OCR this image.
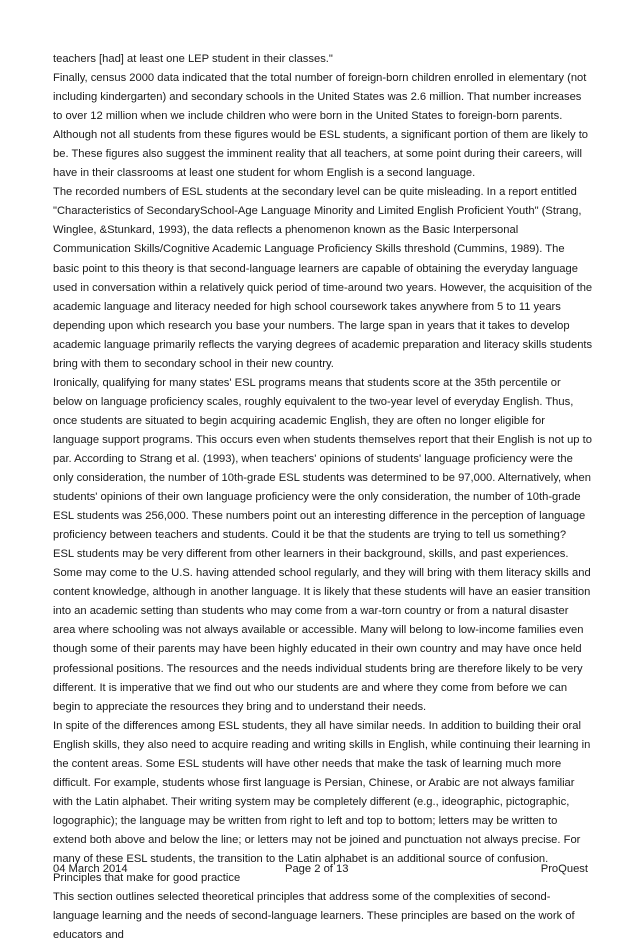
teachers [had] at least one LEP student in their classes."

Finally, census 2000 data indicated that the total number of foreign-born children enrolled in elementary (not including kindergarten) and secondary schools in the United States was 2.6 million. That number increases to over 12 million when we include children who were born in the United States to foreign-born parents. Although not all students from these figures would be ESL students, a significant portion of them are likely to be. These figures also suggest the imminent reality that all teachers, at some point during their careers, will have in their classrooms at least one student for whom English is a second language.

The recorded numbers of ESL students at the secondary level can be quite misleading. In a report entitled "Characteristics of SecondarySchool-Age Language Minority and Limited English Proficient Youth" (Strang, Winglee, &Stunkard, 1993), the data reflects a phenomenon known as the Basic Interpersonal Communication Skills/Cognitive Academic Language Proficiency Skills threshold (Cummins, 1989). The basic point to this theory is that second-language learners are capable of obtaining the everyday language used in conversation within a relatively quick period of time-around two years. However, the acquisition of the academic language and literacy needed for high school coursework takes anywhere from 5 to 11 years depending upon which research you base your numbers. The large span in years that it takes to develop academic language primarily reflects the varying degrees of academic preparation and literacy skills students bring with them to secondary school in their new country.

Ironically, qualifying for many states' ESL programs means that students score at the 35th percentile or below on language proficiency scales, roughly equivalent to the two-year level of everyday English. Thus, once students are situated to begin acquiring academic English, they are often no longer eligible for language support programs. This occurs even when students themselves report that their English is not up to par. According to Strang et al. (1993), when teachers' opinions of students' language proficiency were the only consideration, the number of 10th-grade ESL students was determined to be 97,000. Alternatively, when students' opinions of their own language proficiency were the only consideration, the number of 10th-grade ESL students was 256,000. These numbers point out an interesting difference in the perception of language proficiency between teachers and students. Could it be that the students are trying to tell us something?

ESL students may be very different from other learners in their background, skills, and past experiences. Some may come to the U.S. having attended school regularly, and they will bring with them literacy skills and content knowledge, although in another language. It is likely that these students will have an easier transition into an academic setting than students who may come from a war-torn country or from a natural disaster area where schooling was not always available or accessible. Many will belong to low-income families even though some of their parents may have been highly educated in their own country and may have once held professional positions. The resources and the needs individual students bring are therefore likely to be very different. It is imperative that we find out who our students are and where they come from before we can begin to appreciate the resources they bring and to understand their needs.

In spite of the differences among ESL students, they all have similar needs. In addition to building their oral English skills, they also need to acquire reading and writing skills in English, while continuing their learning in the content areas. Some ESL students will have other needs that make the task of learning much more difficult. For example, students whose first language is Persian, Chinese, or Arabic are not always familiar with the Latin alphabet. Their writing system may be completely different (e.g., ideographic, pictographic, logographic); the language may be written from right to left and top to bottom; letters may be written to extend both above and below the line; or letters may not be joined and punctuation not always precise. For many of these ESL students, the transition to the Latin alphabet is an additional source of confusion.

Principles that make for good practice

This section outlines selected theoretical principles that address some of the complexities of second-language learning and the needs of second-language learners. These principles are based on the work of educators and

04 March 2014	Page 2 of 13	ProQuest
